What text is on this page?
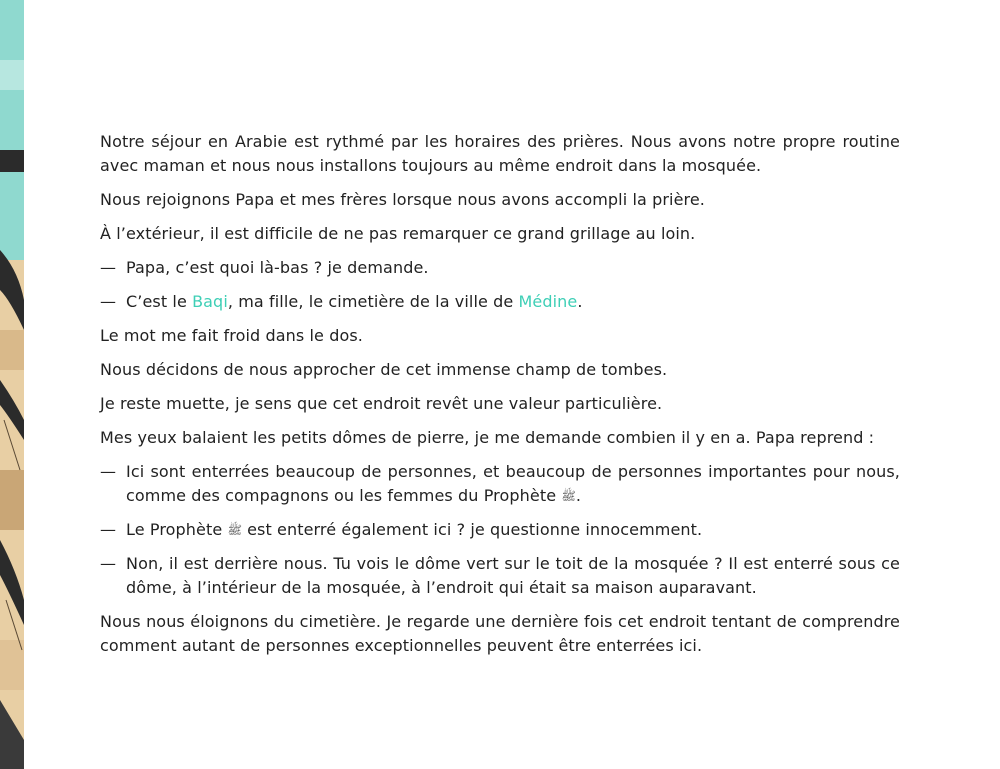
Notre séjour en Arabie est rythmé par les horaires des prières. Nous avons notre propre routine avec maman et nous nous installons toujours au même endroit dans la mosquée.

Nous rejoignons Papa et mes frères lorsque nous avons accompli la prière.

À l’extérieur, il est difficile de ne pas remarquer ce grand grillage au loin.

— Papa, c’est quoi là-bas ? je demande.

— C’est le Baqi, ma fille, le cimetière de la ville de Médine.

Le mot me fait froid dans le dos.

Nous décidons de nous approcher de cet immense champ de tombes.

Je reste muette, je sens que cet endroit revêt une valeur particulière.

Mes yeux balaient les petits dômes de pierre, je me demande combien il y en a. Papa reprend :

— Ici sont enterrées beaucoup de personnes, et beaucoup de personnes importantes pour nous, comme des compagnons ou les femmes du Prophète ﷺ.

— Le Prophète ﷺ est enterré également ici ? je questionne innocemment.

— Non, il est derrière nous. Tu vois le dôme vert sur le toit de la mosquée ? Il est enterré sous ce dôme, à l’intérieur de la mosquée, à l’endroit qui était sa maison auparavant.

Nous nous éloignons du cimetière. Je regarde une dernière fois cet endroit tentant de comprendre comment autant de personnes exceptionnelles peuvent être enterrées ici.
